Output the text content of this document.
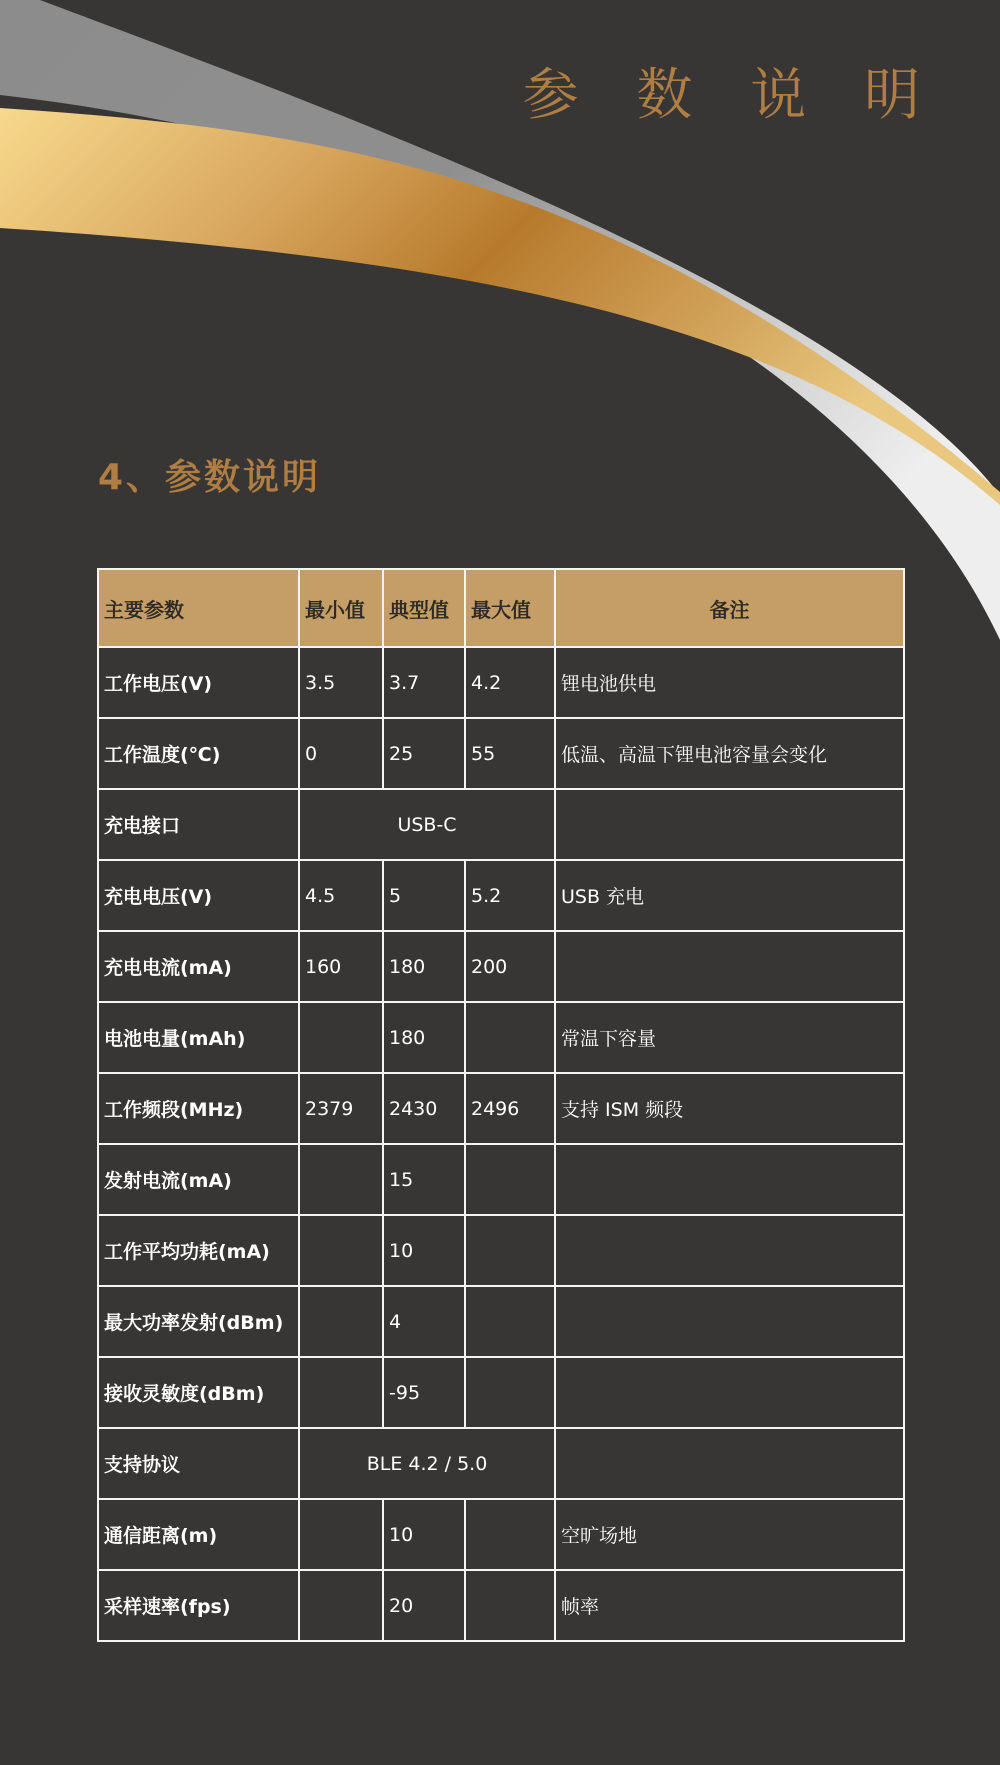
参 数 说 明
4、参数说明
主要参数	最小值	典型值	最大值	备注
工作电压(V)	3.5	3.7	4.2	锂电池供电
工作温度(℃)	0	25	55	低温、高温下锂电池容量会变化
充电接口	USB-C			
充电电压(V)	4.5	5	5.2	USB 充电
充电电流(mA)	160	180	200	
电池电量(mAh)		180		常温下容量
工作频段(MHz)	2379	2430	2496	支持 ISM 频段
发射电流(mA)		15		
工作平均功耗(mA)		10		
最大功率发射(dBm)		4		
接收灵敏度(dBm)		-95		
支持协议	BLE 4.2 / 5.0			
通信距离(m)		10		空旷场地
采样速率(fps)		20		帧率
